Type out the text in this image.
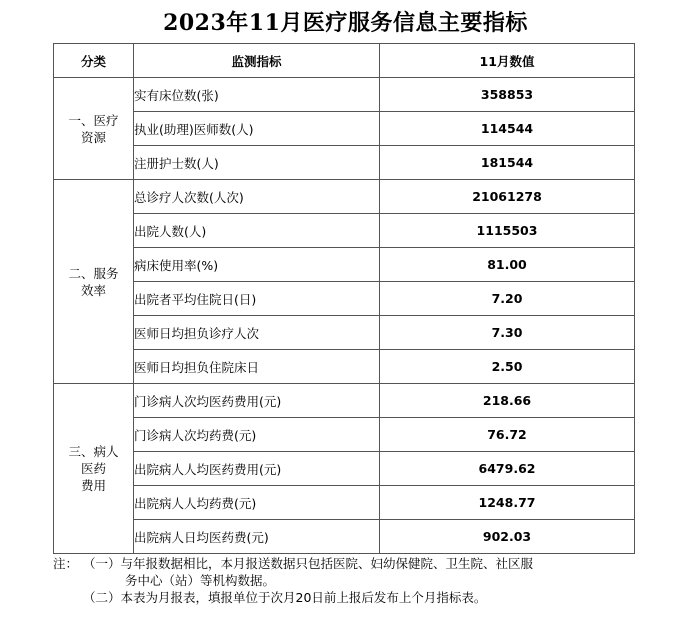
2023年11月医疗服务信息主要指标
分类	监测指标	11月数值

一、医疗
资源	实有床位数(张)	358853
	执业(助理)医师数(人)	114544
	注册护士数(人)	181544

二、服务
效率	总诊疗人次数(人次)	21061278
	出院人数(人)	1115503
	病床使用率(%)	81.00
	出院者平均住院日(日)	7.20
	医师日均担负诊疗人次	7.30
	医师日均担负住院床日	2.50

三、病人
医药
费用	门诊病人次均医药费用(元)	218.66
	门诊病人次均药费(元)	76.72
	出院病人人均医药费用(元)	6479.62
	出院病人人均药费(元)	1248.77
	出院病人日均医药费(元)	902.03
注： （一）与年报数据相比，本月报送数据只包括医院、妇幼保健院、卫生院、社区服
务中心（站）等机构数据。
（二）本表为月报表，填报单位于次月20日前上报后发布上个月指标表。
